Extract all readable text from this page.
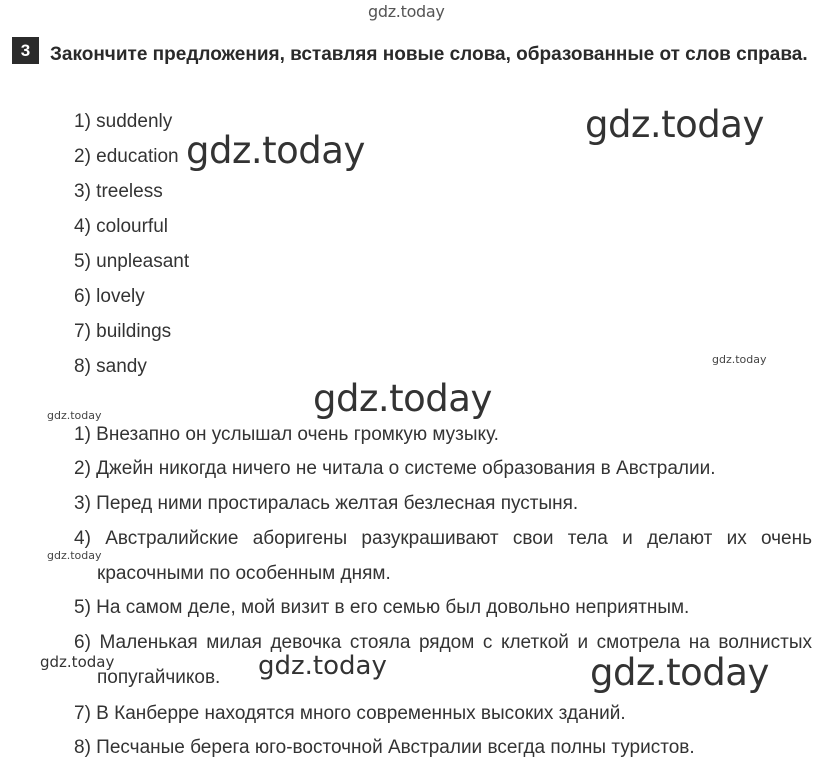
gdz.today
3	Закончите предложения, вставляя новые слова, образованные от слов справа.
1) suddenly
2) education
3) treeless
4) colourful
5) unpleasant
6) lovely
7) buildings
8) sandy
1) Внезапно он услышал очень громкую музыку.
2) Джейн никогда ничего не читала о системе образования в Австралии.
3) Перед ними простиралась желтая безлесная пустыня.
4) Австралийские аборигены разукрашивают свои тела и делают их очень
красочными по особенным дням.
5) На самом деле, мой визит в его семью был довольно неприятным.
6) Маленькая милая девочка стояла рядом с клеткой и смотрела на волнистых
попугайчиков.
7) В Канберре находятся много современных высоких зданий.
8) Песчаные берега юго-восточной Австралии всегда полны туристов.
gdz.today
gdz.today
gdz.today
gdz.today
gdz.today
gdz.today
gdz.today	gdz.today	gdz.today
